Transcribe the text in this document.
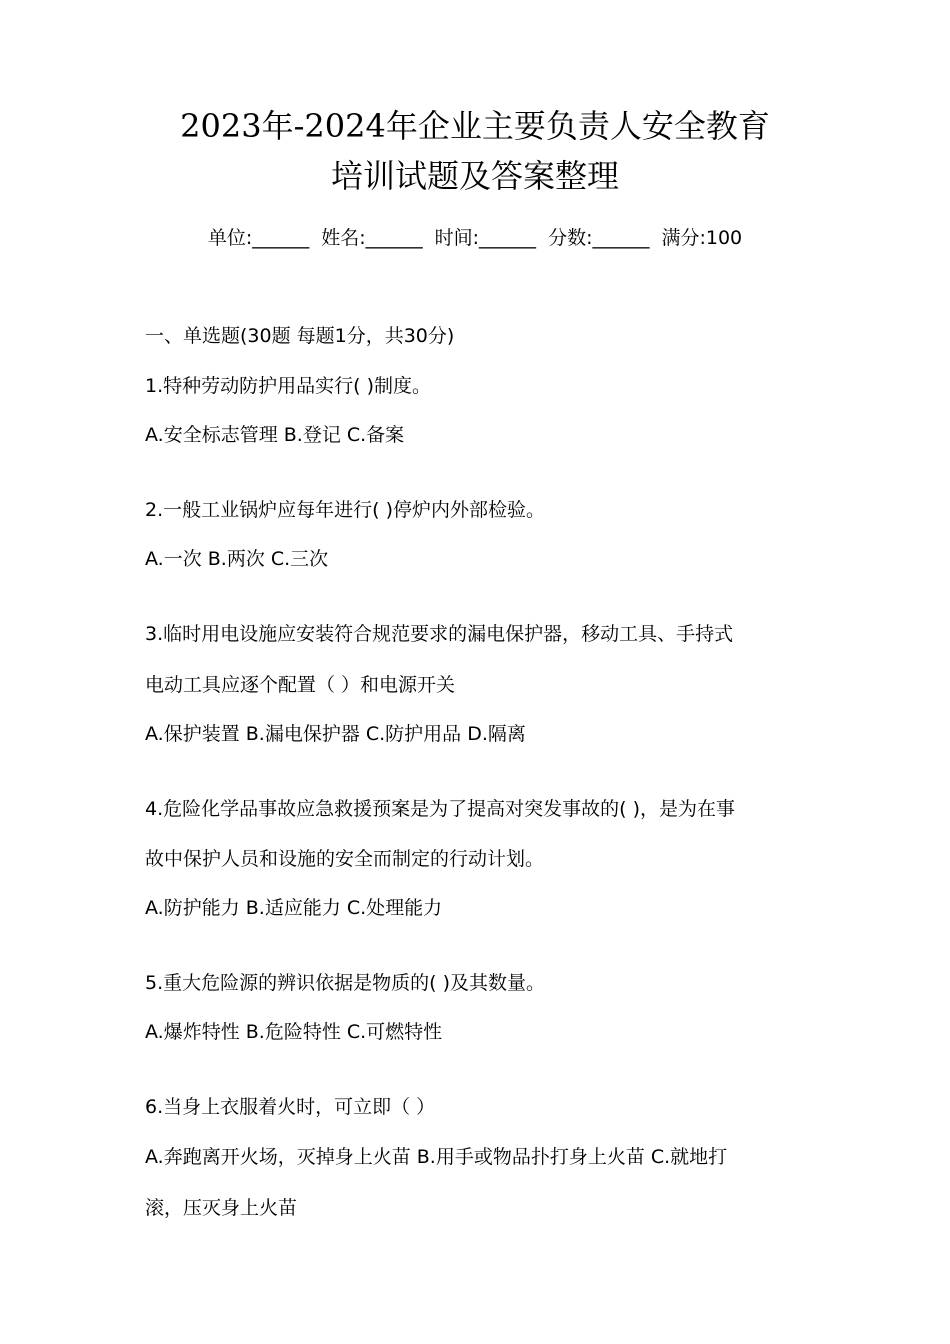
2023年-2024年企业主要负责人安全教育
培训试题及答案整理
单位:______ 姓名:______ 时间:______ 分数:______ 满分:100
一、单选题(30题 每题1分，共30分)
1.特种劳动防护用品实行( )制度。
A.安全标志管理 B.登记 C.备案
2.一般工业锅炉应每年进行( )停炉内外部检验。
A.一次 B.两次 C.三次
3.临时用电设施应安装符合规范要求的漏电保护器，移动工具、手持式
电动工具应逐个配置（ ）和电源开关
A.保护装置 B.漏电保护器 C.防护用品 D.隔离
4.危险化学品事故应急救援预案是为了提高对突发事故的( )，是为在事
故中保护人员和设施的安全而制定的行动计划。
A.防护能力 B.适应能力 C.处理能力
5.重大危险源的辨识依据是物质的( )及其数量。
A.爆炸特性 B.危险特性 C.可燃特性
6.当身上衣服着火时，可立即（ ）
A.奔跑离开火场，灭掉身上火苗 B.用手或物品扑打身上火苗 C.就地打
滚，压灭身上火苗
